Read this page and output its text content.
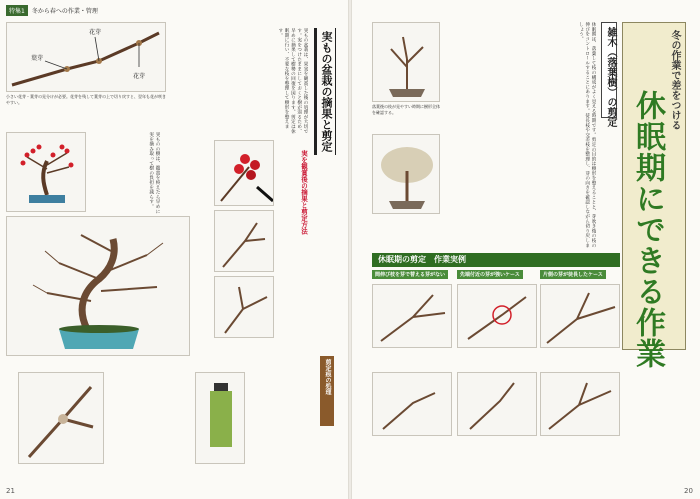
特集1	冬から春への作業・管理
花芽
葉芽
花芽
小さい花芽・葉芽の見分けが必要。花芽を残して葉芽の上で切り戻すと、翌年も花が咲きやすい。
実ものの樹は、鑑賞を終えたら早めに実を摘み取って樹の負担を減らす。
実もの盆栽の摘果と剪定
実を観賞後の摘果と剪定方法
実もの盆栽は、果実を観賞した後の処理が大切です。実をつけたままにしておくと樹が弱るため、早めに摘果して樹勢の回復を図ります。剪定は休眠期に行い、不要な枝を整理して樹形を整えます。
剪定痕の処理
21
落葉後の枝が見やすい時期に樹形全体を確認する。	休眠期は、落葉して枝の構成がよく見える時期です。剪定の目的は樹形を整えることと、芽吹き後の枝の伸びをコントロールすることにあります。徒長枝や交差枝を整理し、芽の向きを確認しながら切り戻しましょう。	雑木（落葉樹）の剪定	冬の作業で差をつける
休眠期にできる作業
休眠期の剪定　作業実例
間伸び枝を芽で替える芽がない	先端付近の芽が強いケース	片側の芽が徒長したケース
20
